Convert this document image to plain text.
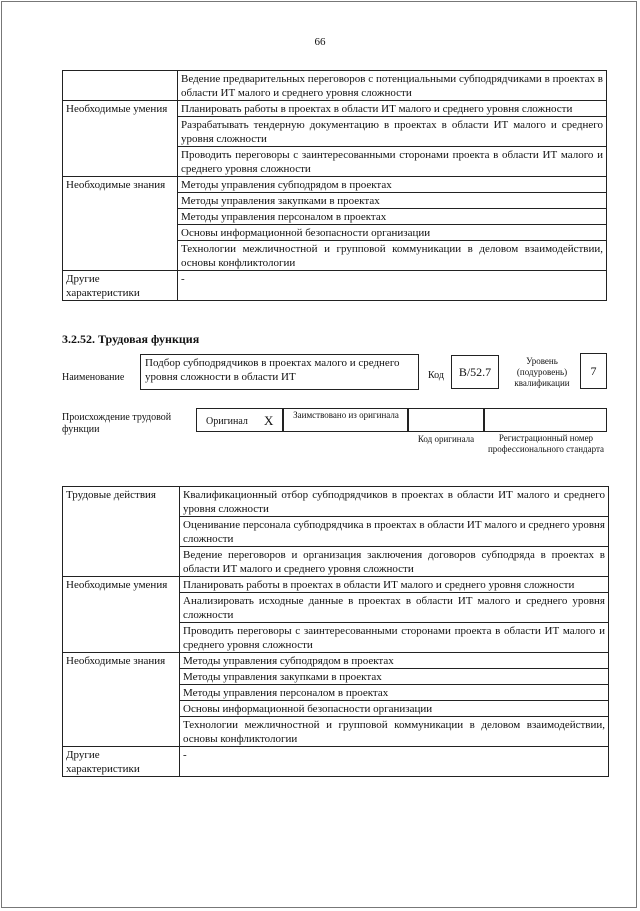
66
	Ведение предварительных переговоров с потенциальными субподрядчиками в проектах в области ИТ малого и среднего уровня сложности
Необходимые умения	Планировать работы в проектах в области ИТ малого и среднего уровня сложности
	Разрабатывать тендерную документацию в проектах в области ИТ малого и среднего уровня сложности
	Проводить переговоры с заинтересованными сторонами проекта в области ИТ малого и среднего уровня сложности
Необходимые знания	Методы управления субподрядом в проектах
	Методы управления закупками в проектах
	Методы управления персоналом в проектах
	Основы информационной безопасности организации
	Технологии межличностной и групповой коммуникации в деловом взаимодействии, основы конфликтологии
Другие характеристики	-
3.2.52. Трудовая функция
Наименование
Подбор субподрядчиков в проектах малого и среднего уровня сложности в области ИТ	Код B/52.7
Уровень (подуровень) квалификации
7
Происхождение трудовой функции
Оригинал X Заимствовано из оригинала
Код оригинала	Регистрационный номер профессионального стандарта
Трудовые действия	Квалификационный отбор субподрядчиков в проектах в области ИТ малого и среднего уровня сложности
	Оценивание персонала субподрядчика в проектах в области ИТ малого и среднего уровня сложности
	Ведение переговоров и организация заключения договоров субподряда в проектах в области ИТ малого и среднего уровня сложности
Необходимые умения	Планировать работы в проектах в области ИТ малого и среднего уровня сложности
	Анализировать исходные данные в проектах в области ИТ малого и среднего уровня сложности
	Проводить переговоры с заинтересованными сторонами проекта в области ИТ малого и среднего уровня сложности
Необходимые знания	Методы управления субподрядом в проектах
	Методы управления закупками в проектах
	Методы управления персоналом в проектах
	Основы информационной безопасности организации
	Технологии межличностной и групповой коммуникации в деловом взаимодействии, основы конфликтологии
Другие характеристики	-
